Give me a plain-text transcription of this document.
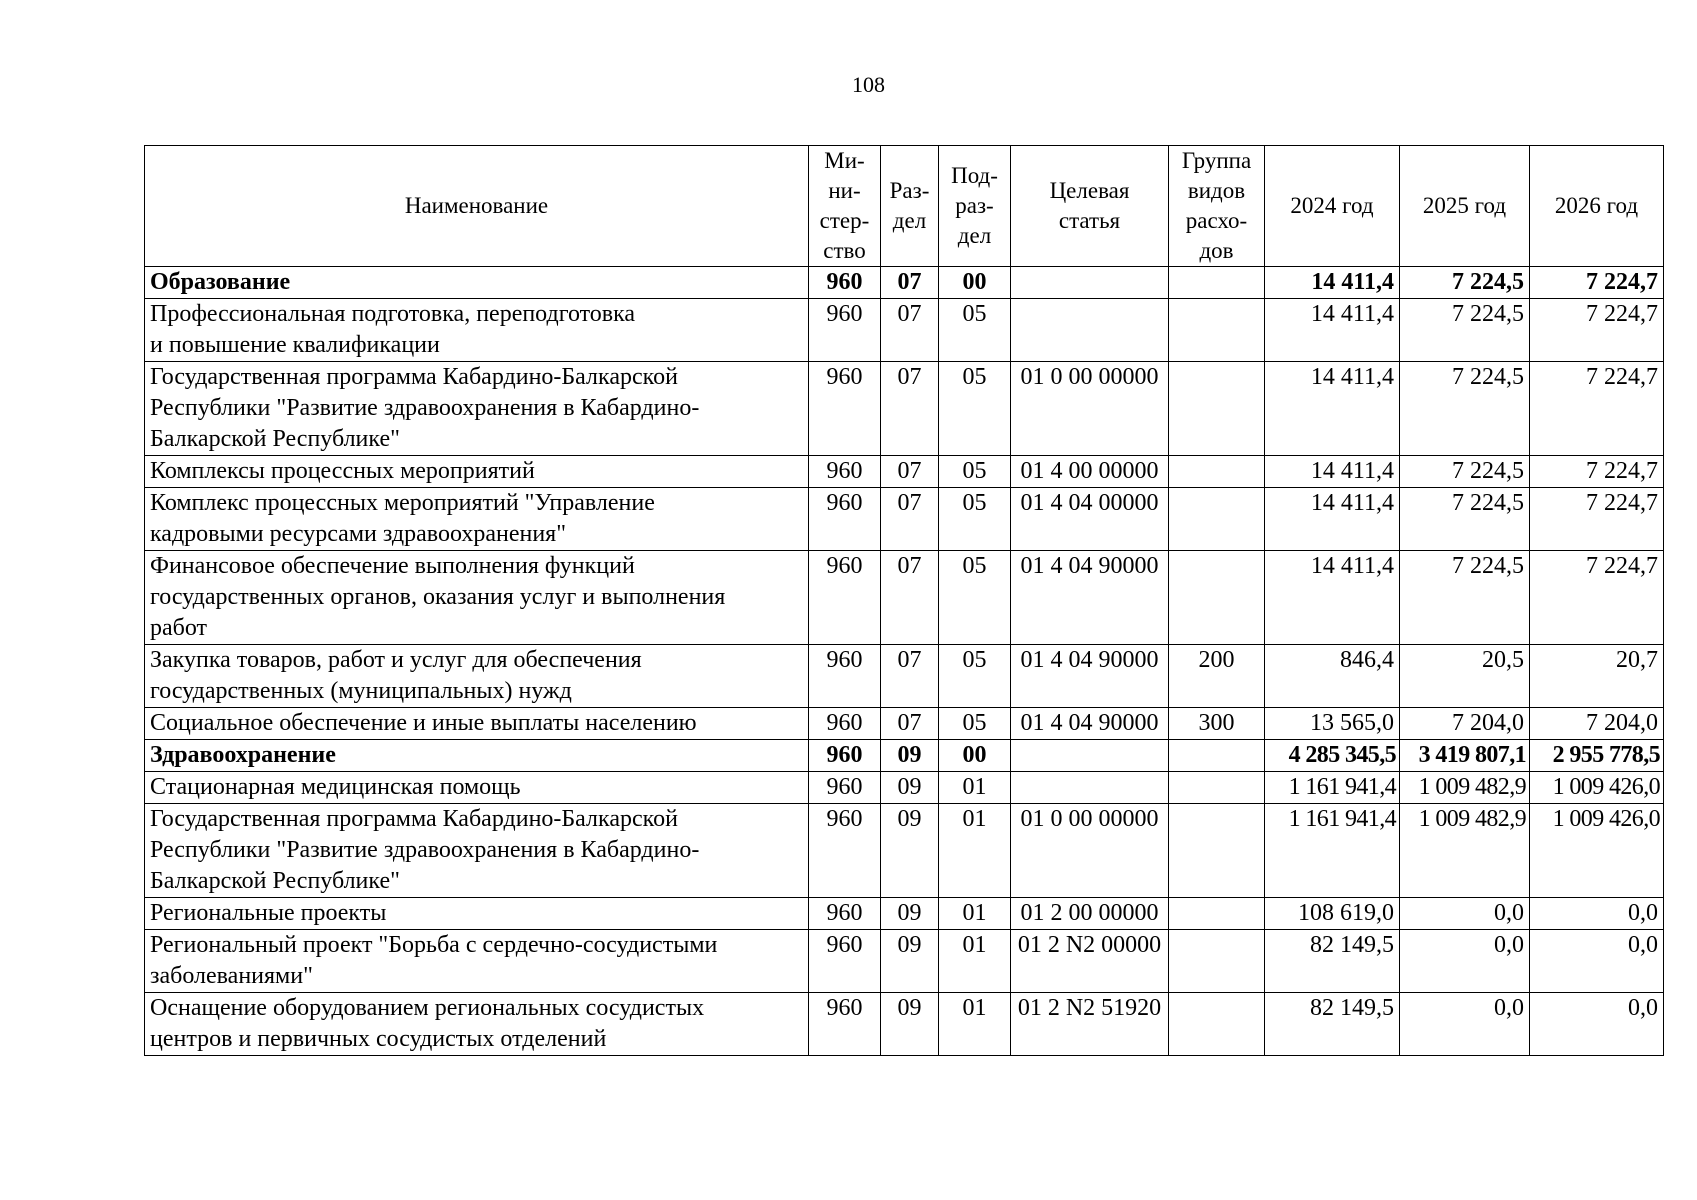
108
Наименование	Ми-
ни-
стер-
ство	Раз-
дел	Под-
раз-
дел	Целевая
статья	Группа
видов
расхо-
дов	2024 год	2025 год	2026 год
Образование	960	07	00			14 411,4	7 224,5	7 224,7
Профессиональная подготовка, переподготовка
и повышение квалификации	960	07	05			14 411,4	7 224,5	7 224,7
Государственная программа Кабардино-Балкарской
Республики "Развитие здравоохранения в Кабардино-
Балкарской Республике"	960	07	05	01 0 00 00000		14 411,4	7 224,5	7 224,7
Комплексы процессных мероприятий	960	07	05	01 4 00 00000		14 411,4	7 224,5	7 224,7
Комплекс процессных мероприятий "Управление
кадровыми ресурсами здравоохранения"	960	07	05	01 4 04 00000		14 411,4	7 224,5	7 224,7
Финансовое обеспечение выполнения функций
государственных органов, оказания услуг и выполнения
работ	960	07	05	01 4 04 90000		14 411,4	7 224,5	7 224,7
Закупка товаров, работ и услуг для обеспечения
государственных (муниципальных) нужд	960	07	05	01 4 04 90000	200	846,4	20,5	20,7
Социальное обеспечение и иные выплаты населению	960	07	05	01 4 04 90000	300	13 565,0	7 204,0	7 204,0
Здравоохранение	960	09	00			4 285 345,5	3 419 807,1	2 955 778,5
Стационарная медицинская помощь	960	09	01			1 161 941,4	1 009 482,9	1 009 426,0
Государственная программа Кабардино-Балкарской
Республики "Развитие здравоохранения в Кабардино-
Балкарской Республике"	960	09	01	01 0 00 00000		1 161 941,4	1 009 482,9	1 009 426,0
Региональные проекты	960	09	01	01 2 00 00000		108 619,0	0,0	0,0
Региональный проект "Борьба с сердечно-сосудистыми
заболеваниями"	960	09	01	01 2 N2 00000		82 149,5	0,0	0,0
Оснащение оборудованием региональных сосудистых
центров и первичных сосудистых отделений	960	09	01	01 2 N2 51920		82 149,5	0,0	0,0
